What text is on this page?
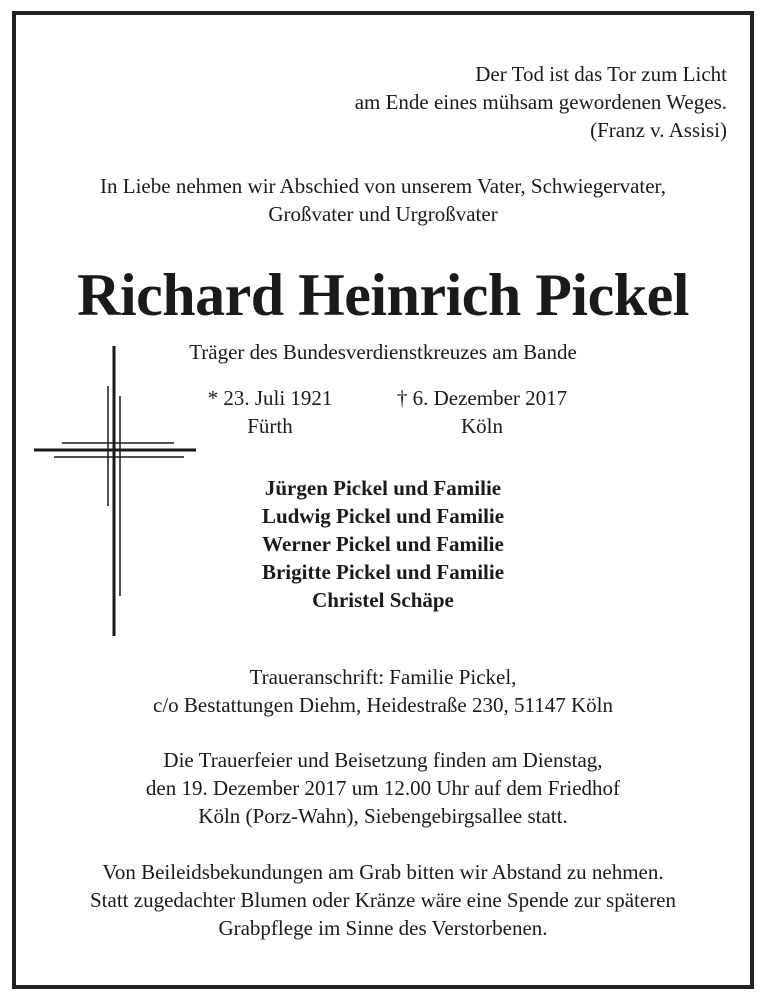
Der Tod ist das Tor zum Licht
am Ende eines mühsam gewordenen Weges.
(Franz v. Assisi)
In Liebe nehmen wir Abschied von unserem Vater, Schwiegervater,
Großvater und Urgroßvater
Richard Heinrich Pickel
Träger des Bundesverdienstkreuzes am Bande
* 23. Juli 1921
Fürth
† 6. Dezember 2017
Köln
Jürgen Pickel und Familie
Ludwig Pickel und Familie
Werner Pickel und Familie
Brigitte Pickel und Familie
Christel Schäpe
Traueranschrift: Familie Pickel,
c/o Bestattungen Diehm, Heidestraße 230, 51147 Köln
Die Trauerfeier und Beisetzung finden am Dienstag,
den 19. Dezember 2017 um 12.00 Uhr auf dem Friedhof
Köln (Porz-Wahn), Siebengebirgsallee statt.
Von Beileidsbekundungen am Grab bitten wir Abstand zu nehmen.
Statt zugedachter Blumen oder Kränze wäre eine Spende zur späteren
Grabpflege im Sinne des Verstorbenen.
